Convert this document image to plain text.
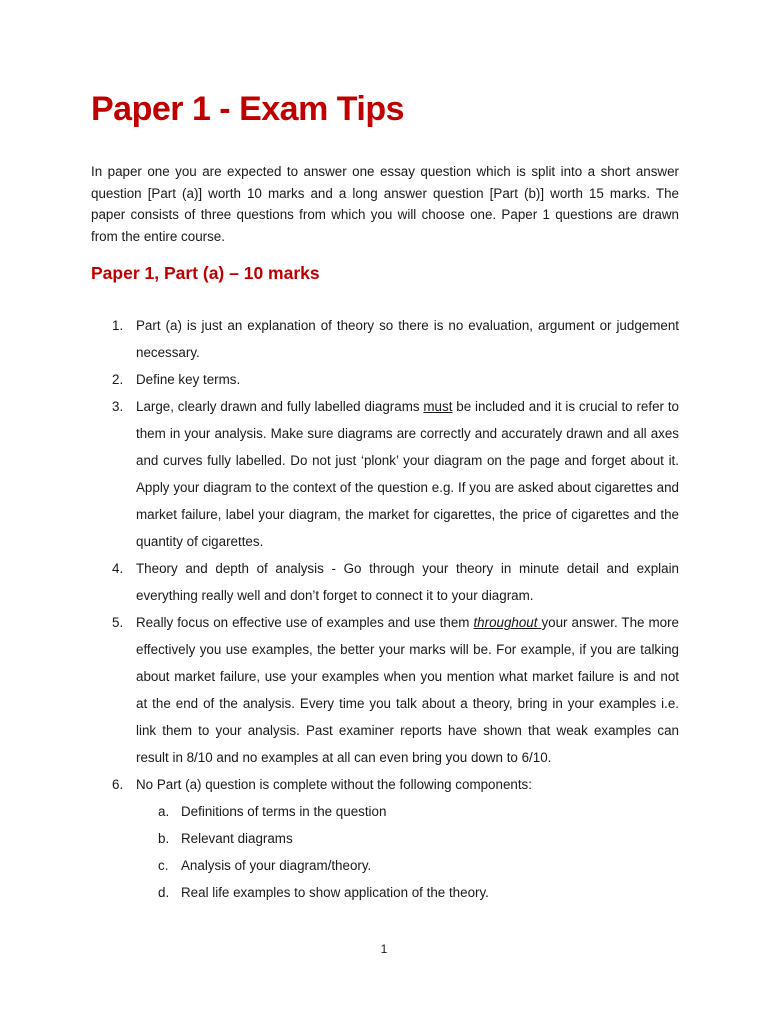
Paper 1 - Exam Tips

In paper one you are expected to answer one essay question which is split into a short answer question [Part (a)] worth 10 marks and a long answer question [Part (b)] worth 15 marks. The paper consists of three questions from which you will choose one. Paper 1 questions are drawn from the entire course.

Paper 1, Part (a) – 10 marks
1. Part (a) is just an explanation of theory so there is no evaluation, argument or judgement necessary.
2. Define key terms.
3. Large, clearly drawn and fully labelled diagrams must be included and it is crucial to refer to them in your analysis. Make sure diagrams are correctly and accurately drawn and all axes and curves fully labelled. Do not just ‘plonk’ your diagram on the page and forget about it. Apply your diagram to the context of the question e.g. If you are asked about cigarettes and market failure, label your diagram, the market for cigarettes, the price of cigarettes and the quantity of cigarettes.
4. Theory and depth of analysis - Go through your theory in minute detail and explain everything really well and don’t forget to connect it to your diagram.
5. Really focus on effective use of examples and use them throughout your answer. The more effectively you use examples, the better your marks will be. For example, if you are talking about market failure, use your examples when you mention what market failure is and not at the end of the analysis. Every time you talk about a theory, bring in your examples i.e. link them to your analysis. Past examiner reports have shown that weak examples can result in 8/10 and no examples at all can even bring you down to 6/10.
6. No Part (a) question is complete without the following components:
a. Definitions of terms in the question
b. Relevant diagrams
c. Analysis of your diagram/theory.
d. Real life examples to show application of the theory.

1
